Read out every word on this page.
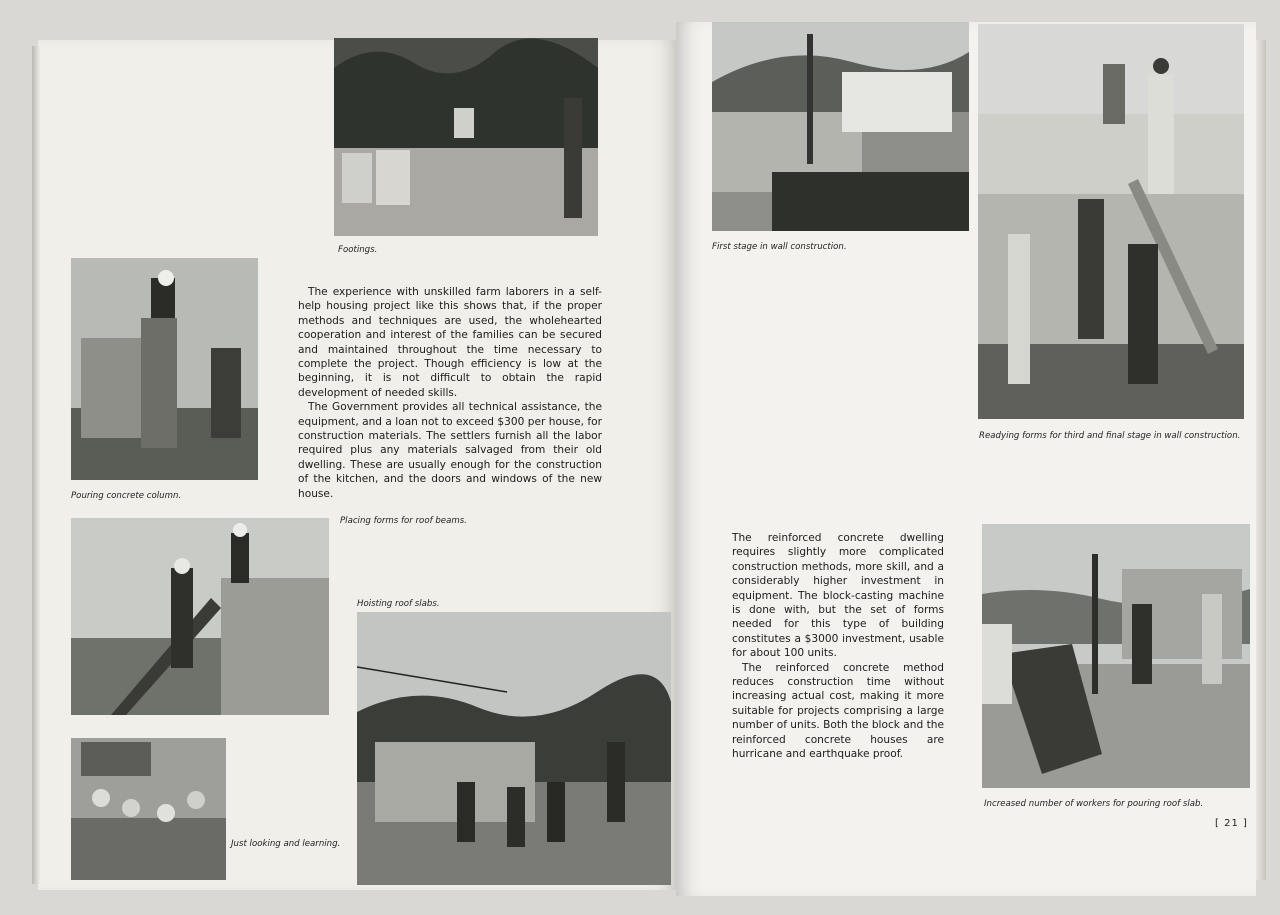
Footings.

Pouring concrete column.

The experience with unskilled farm laborers in a self-help housing project like this shows that, if the proper methods and techniques are used, the wholehearted cooperation and interest of the families can be secured and maintained throughout the time necessary to complete the project. Though efficiency is low at the beginning, it is not difficult to obtain the rapid development of needed skills.

The Government provides all technical assistance, the equipment, and a loan not to exceed $300 per house, for construction materials. The settlers furnish all the labor required plus any materials salvaged from their old dwelling. These are usually enough for the construction of the kitchen, and the doors and windows of the new house.

Placing forms for roof beams.

Hoisting roof slabs.

Just looking and learning.

First stage in wall construction.

Readying forms for third and final stage in wall construction.

The reinforced concrete dwelling requires slightly more complicated construction methods, more skill, and a considerably higher investment in equipment. The block-casting machine is done with, but the set of forms needed for this type of building constitutes a $3000 investment, usable for about 100 units.

The reinforced concrete method reduces construction time without increasing actual cost, making it more suitable for projects comprising a large number of units. Both the block and the reinforced concrete houses are hurricane and earthquake proof.

Increased number of workers for pouring roof slab.

[ 21 ]
